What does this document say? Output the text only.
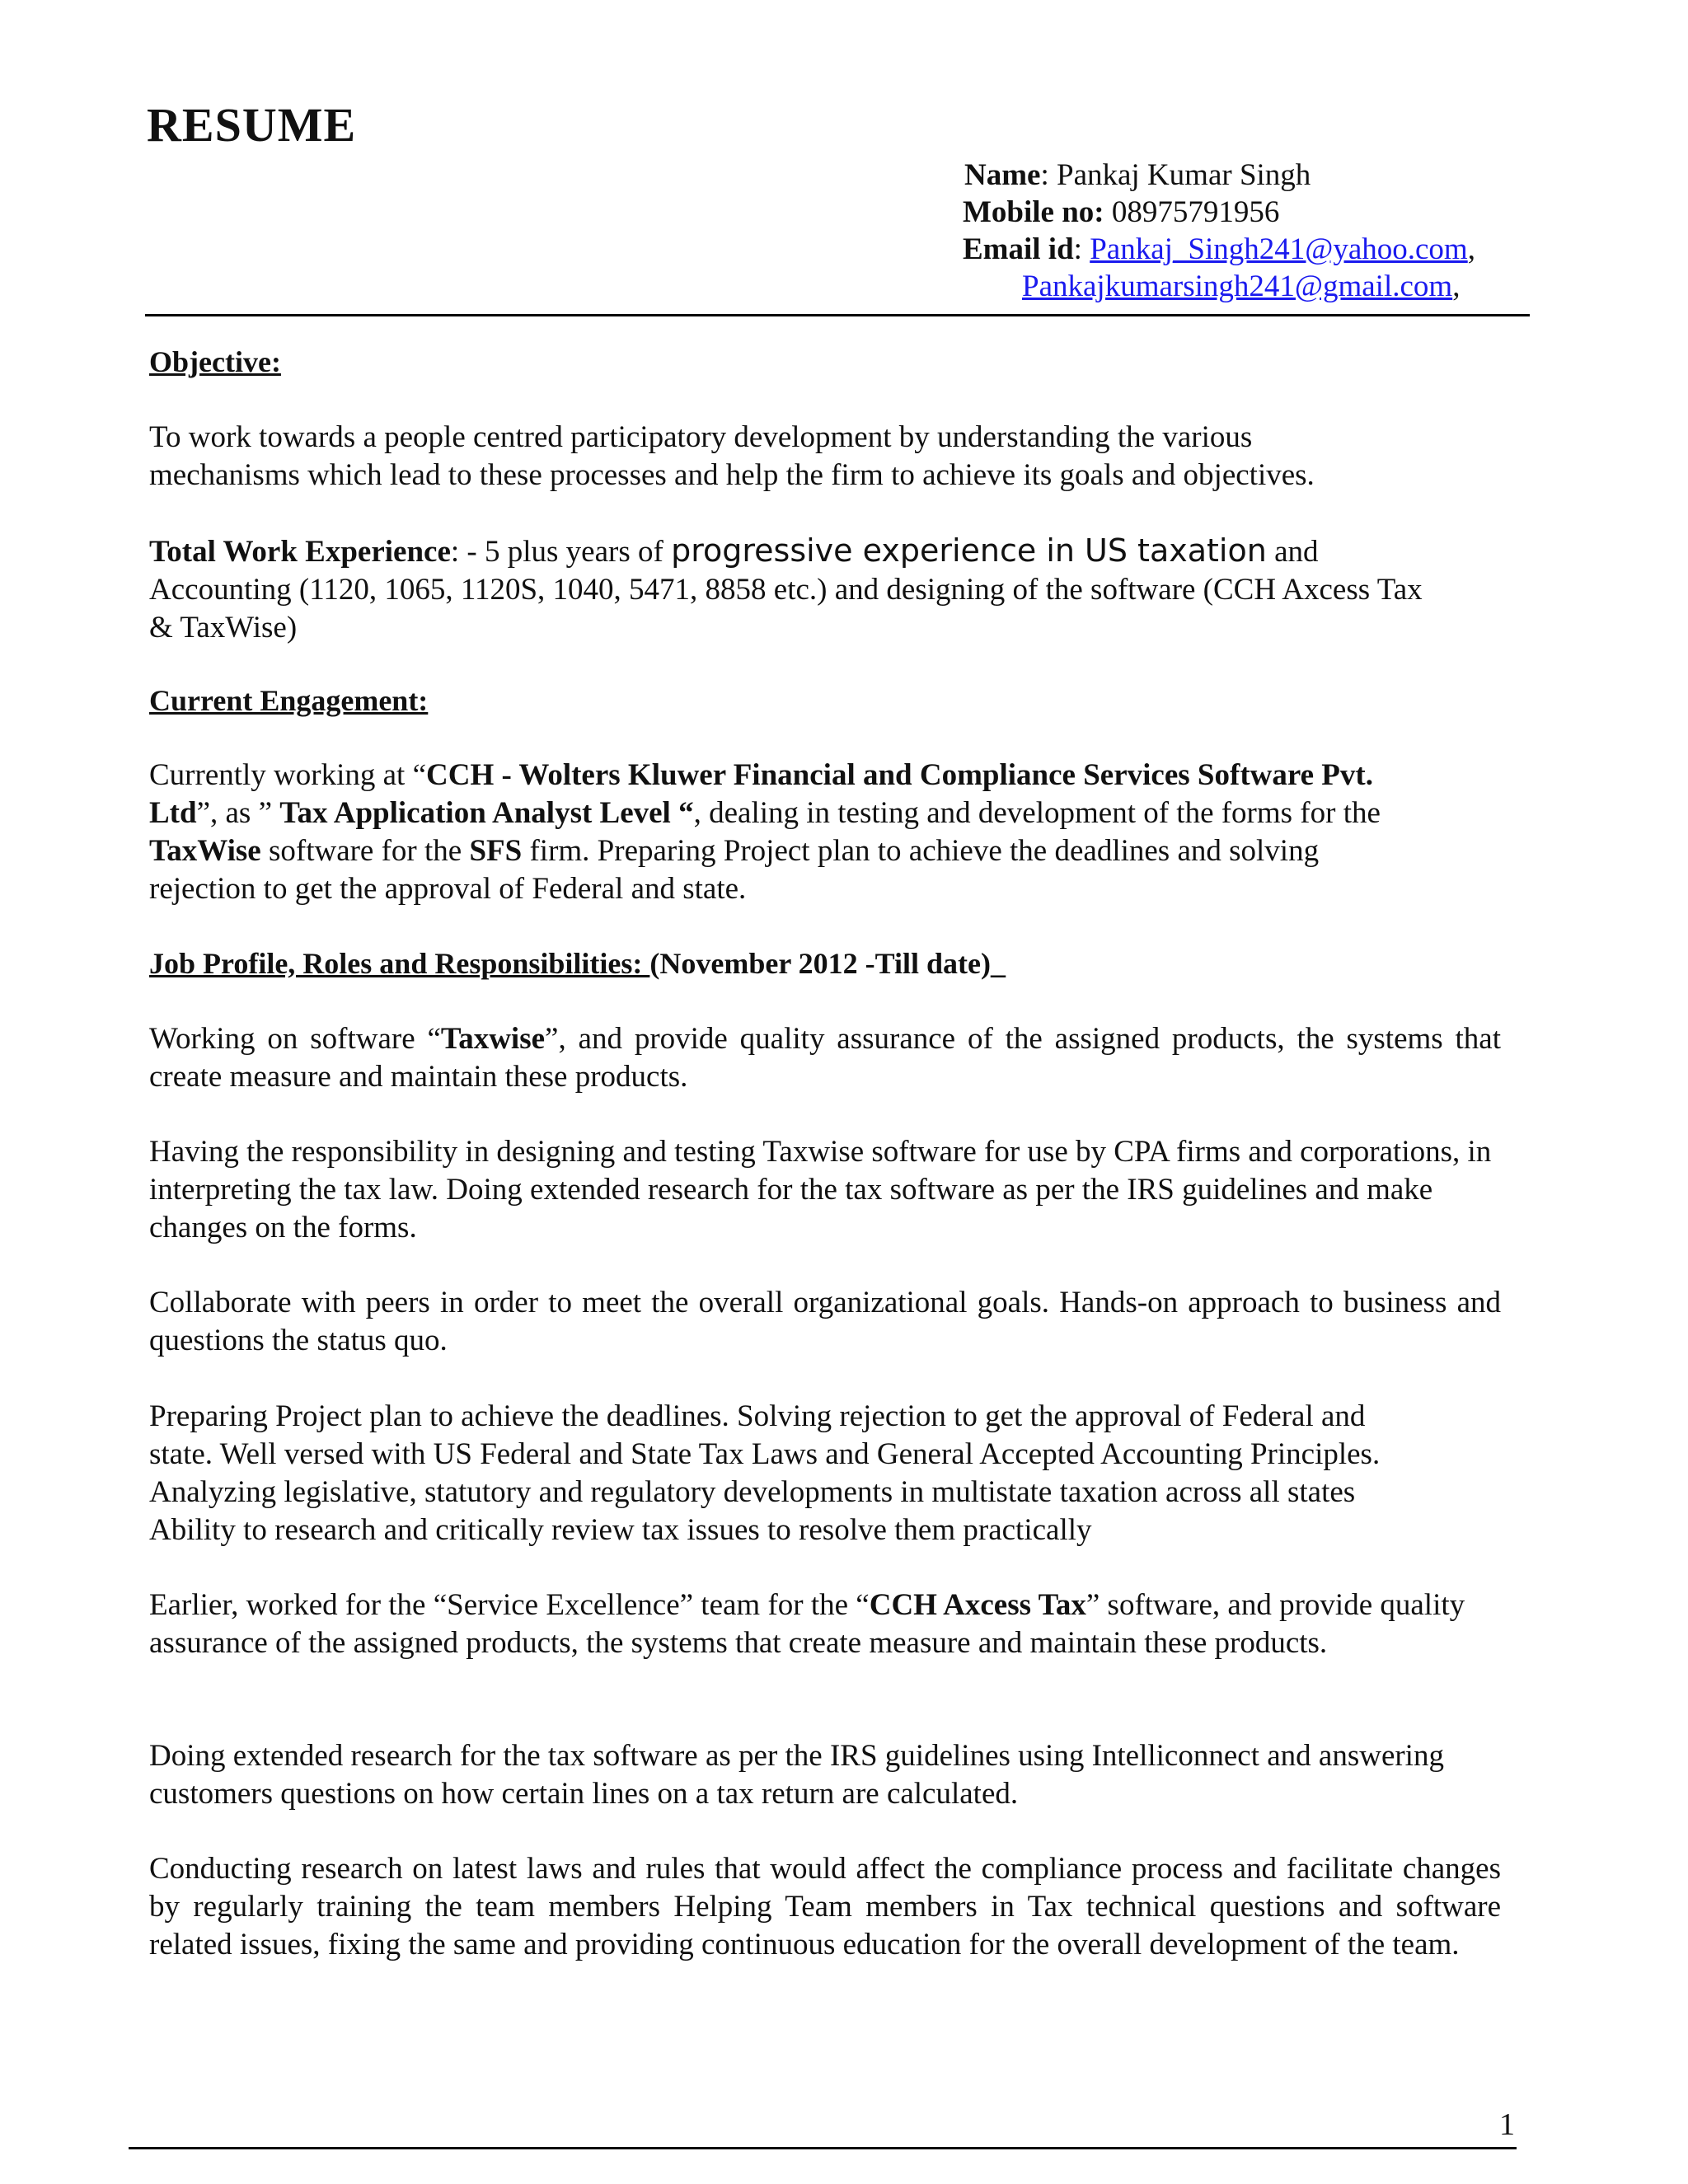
RESUME
Name: Pankaj Kumar Singh
Mobile no: 08975791956
Email id: Pankaj_Singh241@yahoo.com,
Pankajkumarsingh241@gmail.com,
Objective:

To work towards a people centred participatory development by understanding the various

mechanisms which lead to these processes and help the firm to achieve its goals and objectives.

Total Work Experience: - 5 plus years of progressive experience in US taxation and

Accounting (1120, 1065, 1120S, 1040, 5471, 8858 etc.) and designing of the software (CCH Axcess Tax

& TaxWise)

Current Engagement:

Currently working at “CCH - Wolters Kluwer Financial and Compliance Services Software Pvt.

Ltd”, as ” Tax Application Analyst Level “, dealing in testing and development of the forms for the

TaxWise software for the SFS firm. Preparing Project plan to achieve the deadlines and solving

rejection to get the approval of Federal and state.

Job Profile, Roles and Responsibilities: (November 2012 -Till date)_

Working on software “Taxwise”, and provide quality assurance of the assigned products, the systems that create measure and maintain these products.

Having the responsibility in designing and testing Taxwise software for use by CPA firms and corporations, in interpreting the tax law. Doing extended research for the tax software as per the IRS guidelines and make changes on the forms.

Collaborate with peers in order to meet the overall organizational goals. Hands-on approach to business and questions the status quo.

Preparing Project plan to achieve the deadlines. Solving rejection to get the approval of Federal and

state. Well versed with US Federal and State Tax Laws and General Accepted Accounting Principles.

Analyzing legislative, statutory and regulatory developments in multistate taxation across all states

Ability to research and critically review tax issues to resolve them practically

Earlier, worked for the “Service Excellence” team for the “CCH Axcess Tax” software, and provide quality assurance of the assigned products, the systems that create measure and maintain these products.

Doing extended research for the tax software as per the IRS guidelines using Intelliconnect and answering customers questions on how certain lines on a tax return are calculated.

Conducting research on latest laws and rules that would affect the compliance process and facilitate changes by regularly training the team members Helping Team members in Tax technical questions and software related issues, fixing the same and providing continuous education for the overall development of the team.

1
